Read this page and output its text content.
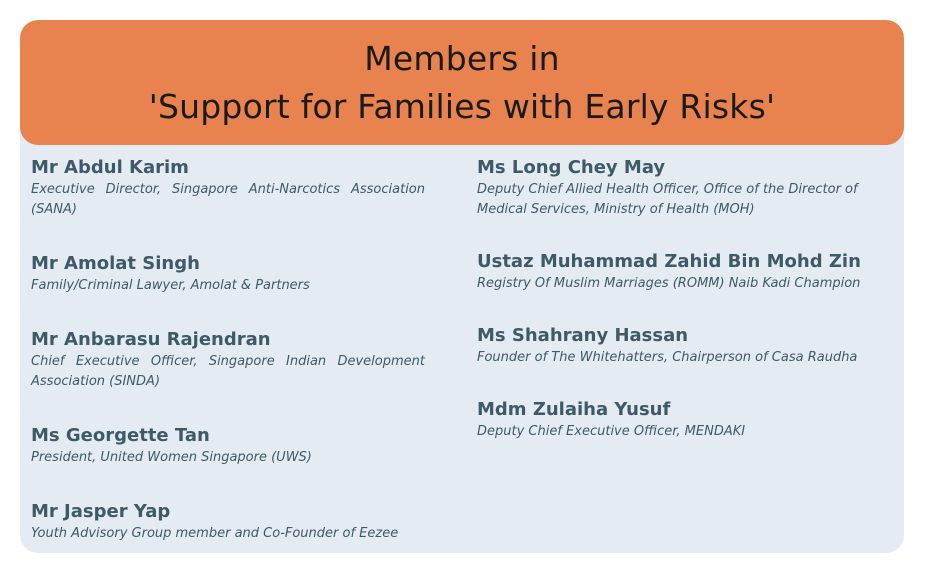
Members in
'Support for Families with Early Risks'
Mr Abdul Karim
Executive Director, Singapore Anti-Narcotics Association (SANA)
Mr Amolat Singh
Family/Criminal Lawyer, Amolat & Partners
Mr Anbarasu Rajendran
Chief Executive Officer, Singapore Indian Development Association (SINDA)
Ms Georgette Tan
President, United Women Singapore (UWS)
Mr Jasper Yap
Youth Advisory Group member and Co-Founder of Eezee
Ms Long Chey May
Deputy Chief Allied Health Officer, Office of the Director of Medical Services, Ministry of Health (MOH)
Ustaz Muhammad Zahid Bin Mohd Zin
Registry Of Muslim Marriages (ROMM) Naib Kadi Champion
Ms Shahrany Hassan
Founder of The Whitehatters, Chairperson of Casa Raudha
Mdm Zulaiha Yusuf
Deputy Chief Executive Officer, MENDAKI
